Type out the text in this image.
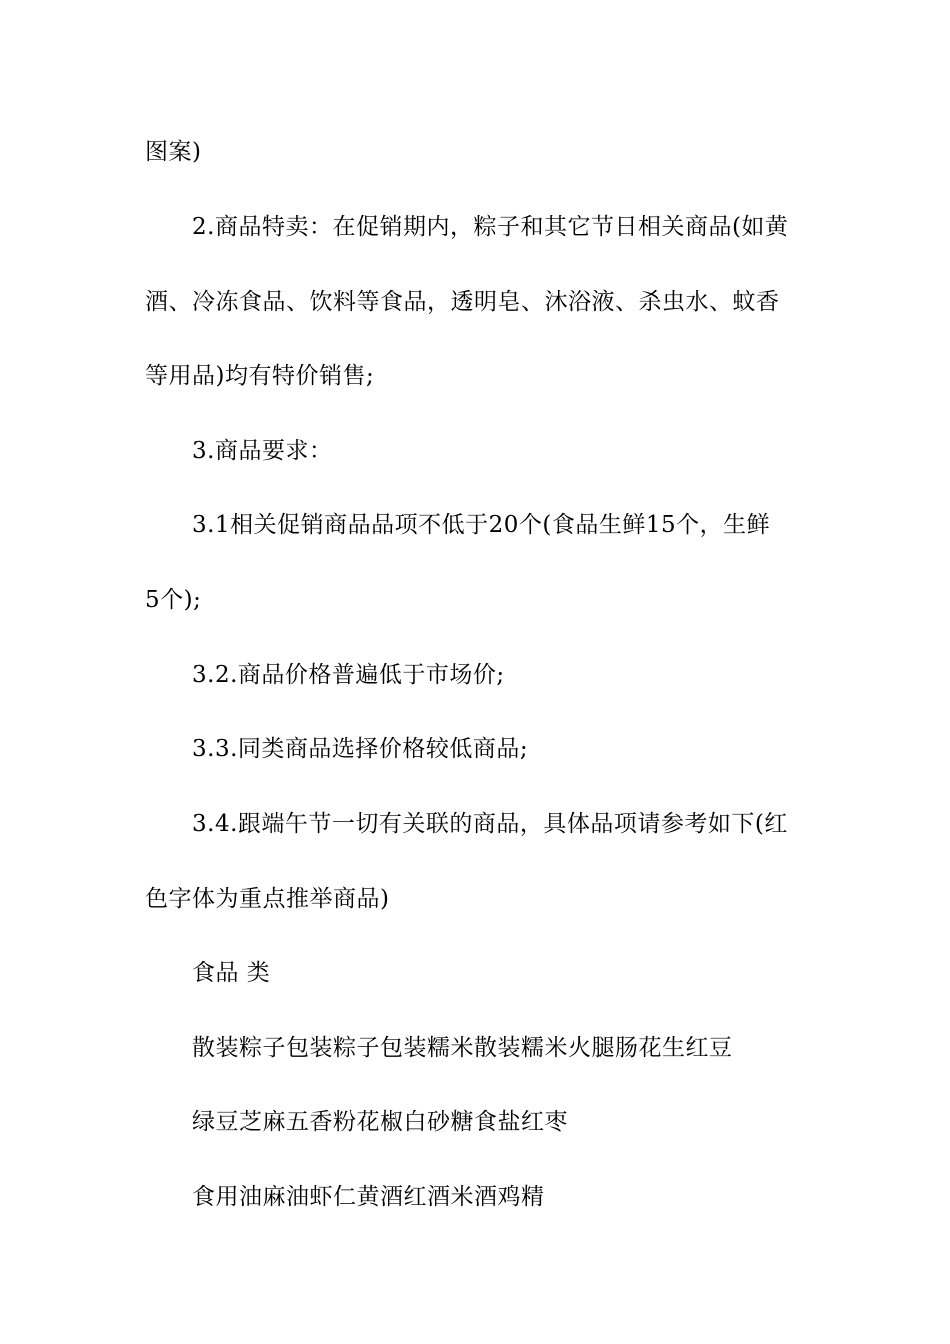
图案)
2.商品特卖：在促销期内，粽子和其它节日相关商品(如黄
酒、冷冻食品、饮料等食品，透明皂、沐浴液、杀虫水、蚊香
等用品)均有特价销售;
3.商品要求：
3.1相关促销商品品项不低于20个(食品生鲜15个，生鲜
5个);
3.2.商品价格普遍低于市场价;
3.3.同类商品选择价格较低商品;
3.4.跟端午节一切有关联的商品，具体品项请参考如下(红
色字体为重点推举商品)
食品 类
散装粽子包装粽子包装糯米散装糯米火腿肠花生红豆
绿豆芝麻五香粉花椒白砂糖食盐红枣
食用油麻油虾仁黄酒红酒米酒鸡精
